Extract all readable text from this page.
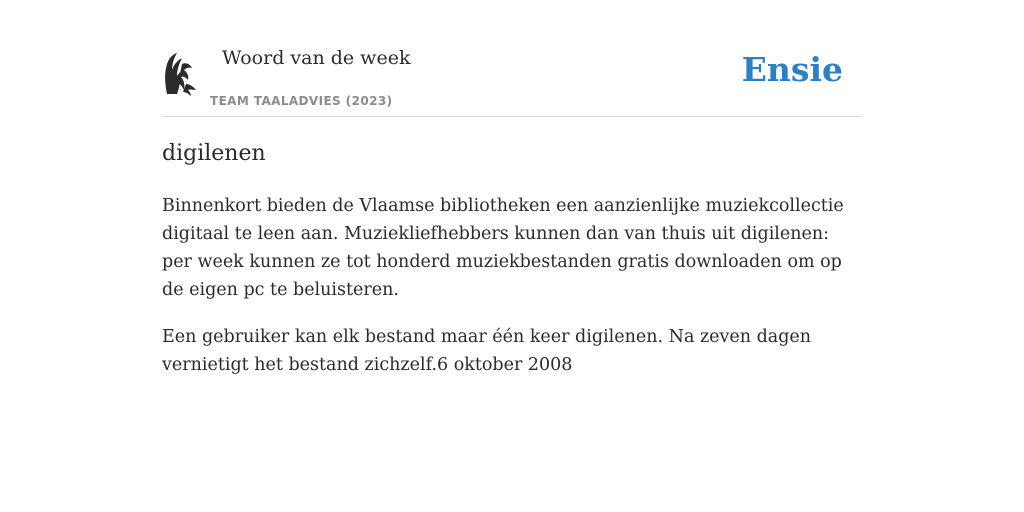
Woord van de week
TEAM TAALADVIES (2023)
Ensie
digilenen

Binnenkort bieden de Vlaamse bibliotheken een aanzienlijke muziekcollectie digitaal te leen aan. Muziekliefhebbers kunnen dan van thuis uit digilenen: per week kunnen ze tot honderd muziekbestanden gratis downloaden om op de eigen pc te beluisteren.

Een gebruiker kan elk bestand maar één keer digilenen. Na zeven dagen vernietigt het bestand zichzelf.6 oktober 2008
